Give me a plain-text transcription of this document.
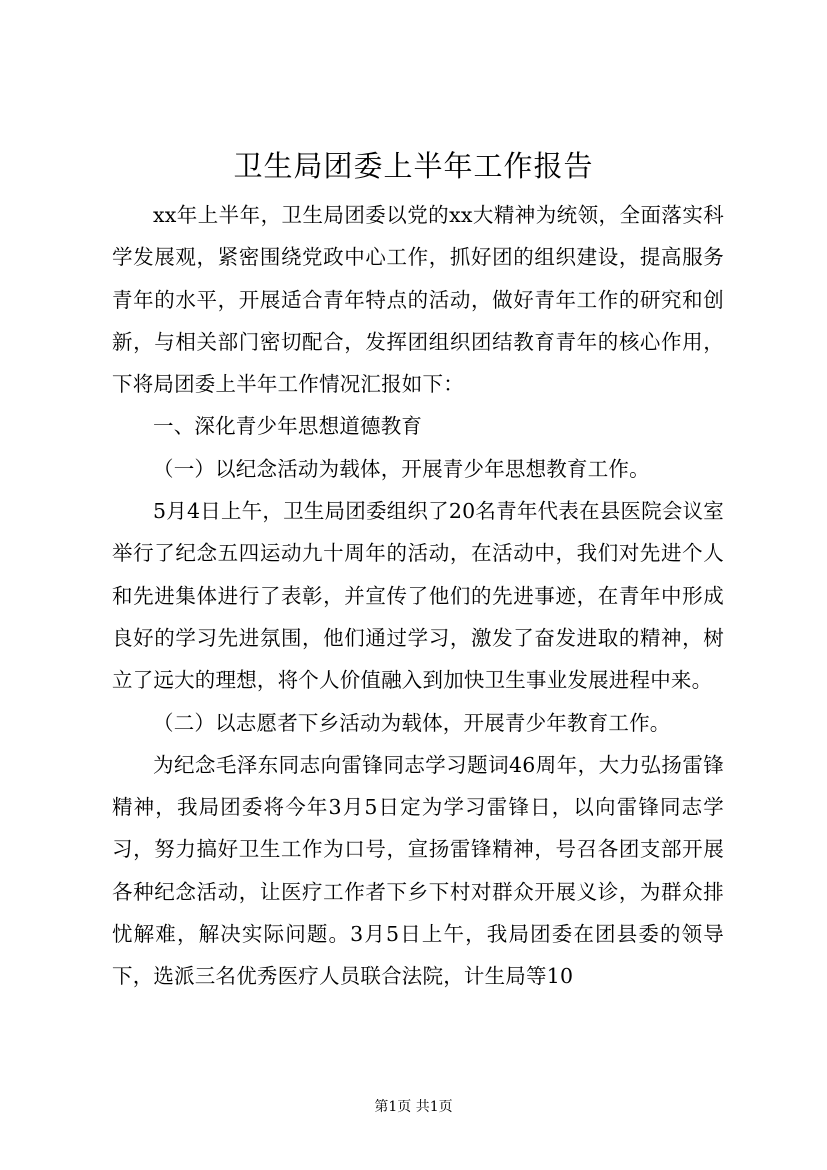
卫生局团委上半年工作报告

xx年上半年，卫生局团委以党的xx大精神为统领，全面落实科学发展观，紧密围绕党政中心工作，抓好团的组织建设，提高服务青年的水平，开展适合青年特点的活动，做好青年工作的研究和创新，与相关部门密切配合，发挥团组织团结教育青年的核心作用，下将局团委上半年工作情况汇报如下：

一、深化青少年思想道德教育

（一）以纪念活动为载体，开展青少年思想教育工作。

5月4日上午，卫生局团委组织了20名青年代表在县医院会议室举行了纪念五四运动九十周年的活动，在活动中，我们对先进个人和先进集体进行了表彰，并宣传了他们的先进事迹，在青年中形成良好的学习先进氛围，他们通过学习，激发了奋发进取的精神，树立了远大的理想，将个人价值融入到加快卫生事业发展进程中来。

（二）以志愿者下乡活动为载体，开展青少年教育工作。

为纪念毛泽东同志向雷锋同志学习题词46周年，大力弘扬雷锋精神，我局团委将今年3月5日定为学习雷锋日，以向雷锋同志学习，努力搞好卫生工作为口号，宣扬雷锋精神，号召各团支部开展各种纪念活动，让医疗工作者下乡下村对群众开展义诊，为群众排忧解难，解决实际问题。3月5日上午，我局团委在团县委的领导下，选派三名优秀医疗人员联合法院，计生局等10

第1页 共1页
